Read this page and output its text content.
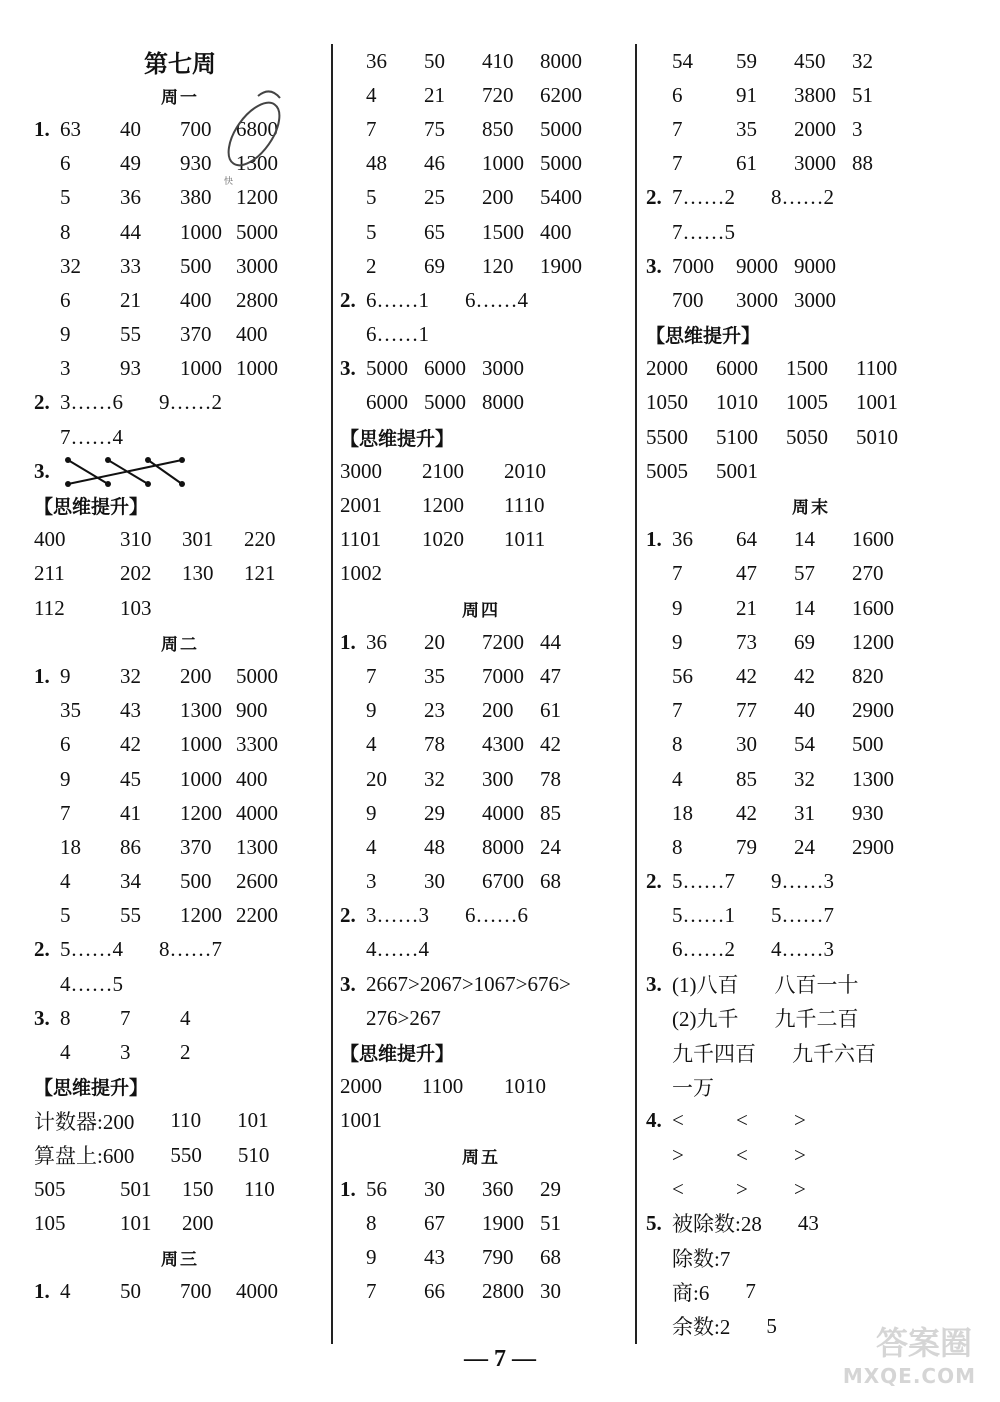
第七周
周一
1. 63	40	700	6800
6	49	930	1300
5	36	380	1200
8	44	1000 5000
32	33	500	3000
6	21	400	2800
9	55	370	400
3	93	1000 1000
2. 3……6 9……2
7……4
3.
【思维提升】
400	310	301	220
211	202	130	121
112	103
周二
1. 9	32	200	5000
35	43	1300 900
6	42	1000 3300
9	45	1000 400
7	41	1200 4000
18	86	370	1300
4	34	500	2600
5	55	1200 2200
2. 5……4 8……7
4……5
3. 8	7	4
4	3	2
【思维提升】
计数器:200 110 101
算盘上:600 550 510
505	501	150	110
105	101	200
周三
1. 4	50	700	4000
36	50	410	8000
4	21	720	6200
7	75	850	5000
48	46	1000 5000
5	25	200	5400
5	65	1500 400
2	69	120	1900
2. 6……1 6……4
6……1
3. 5000 6000 3000
6000 5000 8000
【思维提升】
3000	2100	2010
2001	1200	1110
1101	1020	1011
1002
周四
1. 36	20	7200 44
7	35	7000 47
9	23	200	61
4	78	4300 42
20	32	300	78
9	29	4000 85
4	48	8000 24
3	30	6700 68
2. 3……3 6……6
4……4
3. 2667>2067>1067>676>
276>267
【思维提升】
2000	1100	1010
1001
周五
1. 56	30	360	29
8	67	1900 51
9	43	790	68
7	66	2800 30
54	59	450	32
6	91	3800 51
7	35	2000 3
7	61	3000 88
2. 7……2 8……2
7……5
3. 7000	9000 9000
700	3000 3000
【思维提升】
2000	6000	1500	1100
1050	1010	1005	1001
5500	5100	5050	5010
5005	5001
周末
1. 36	64	14	1600
7	47	57	270
9	21	14	1600
9	73	69	1200
56	42	42	820
7	77	40	2900
8	30	54	500
4	85	32	1300
18	42	31	930
8	79	24	2900
2. 5……7 9……3
5……1 5……7
6……2 4……3
3. (1)八百 八百一十
(2)九千 九千二百
九千四百 九千六百
一万
4. <	<	>
>	<	>
<	>	>
5. 被除数:28 43
除数:7
商:6 7
余数:2 5
快
— 7 —	答案圈
MXQE.COM
